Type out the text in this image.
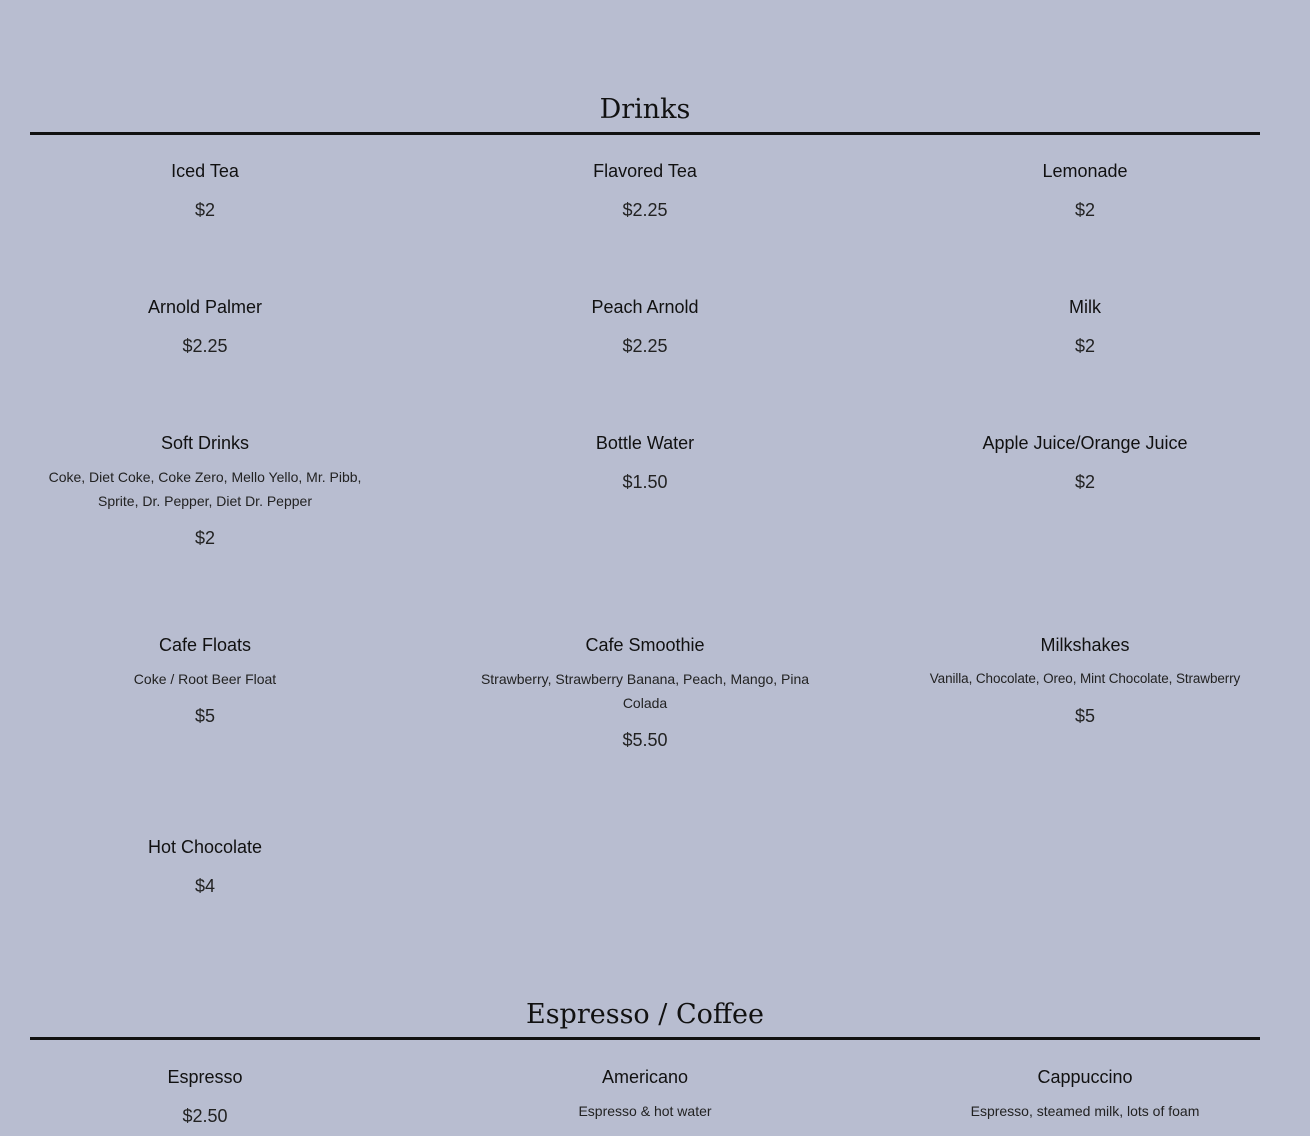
Drinks
Iced Tea
$2
Flavored Tea
$2.25
Lemonade
$2
Arnold Palmer
$2.25
Peach Arnold
$2.25
Milk
$2
Soft Drinks
Coke, Diet Coke, Coke Zero, Mello Yello, Mr. Pibb, Sprite, Dr. Pepper, Diet Dr. Pepper
$2
Bottle Water
$1.50
Apple Juice/Orange Juice
$2
Cafe Floats
Coke / Root Beer Float
$5
Cafe Smoothie
Strawberry, Strawberry Banana, Peach, Mango, Pina Colada
$5.50
Milkshakes
Vanilla, Chocolate, Oreo, Mint Chocolate, Strawberry
$5
Hot Chocolate
$4
Espresso / Coffee
Espresso
$2.50
Americano
Espresso & hot water
Cappuccino
Espresso, steamed milk, lots of foam
